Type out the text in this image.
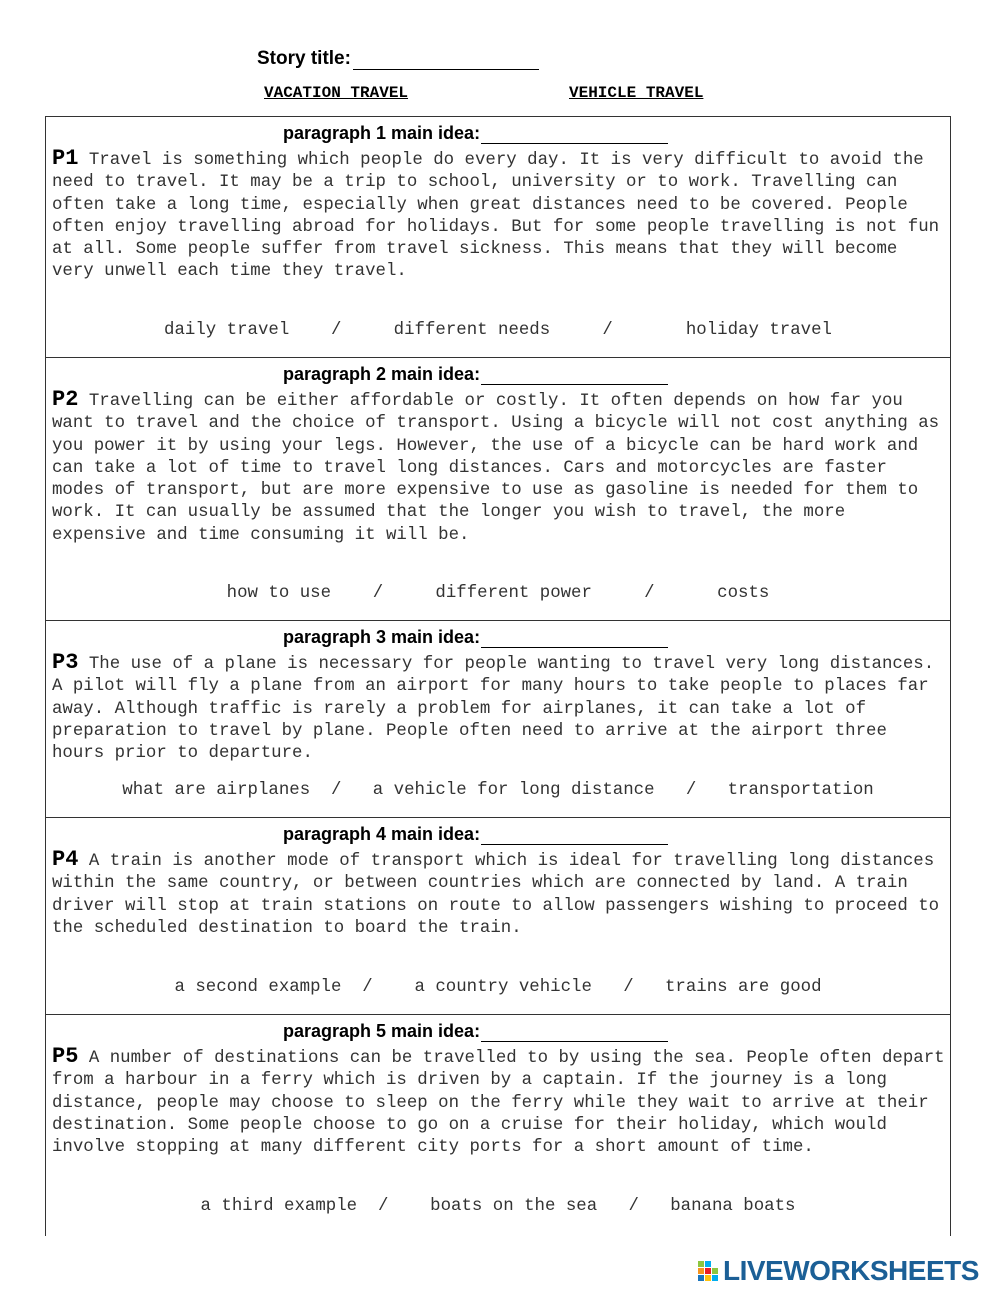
Story title:
VACATION TRAVEL	VEHICLE TRAVEL
paragraph 1 main idea:

P1 Travel is something which people do every day. It is very difficult to avoid the need to travel. It may be a trip to school, university or to work. Travelling can often take a long time, especially when great distances need to be covered. People often enjoy travelling abroad for holidays. But for some people travelling is not fun at all. Some people suffer from travel sickness. This means that they will become very unwell each time they travel.

daily travel    /     different needs     /       holiday travel
paragraph 2 main idea:

P2 Travelling can be either affordable or costly. It often depends on how far you want to travel and the choice of transport. Using a bicycle will not cost anything as you power it by using your legs. However, the use of a bicycle can be hard work and can take a lot of time to travel long distances. Cars and motorcycles are faster modes of transport, but are more expensive to use as gasoline is needed for them to work. It can usually be assumed that the longer you wish to travel, the more expensive and time consuming it will be.

how to use    /     different power     /      costs
paragraph 3 main idea:

P3 The use of a plane is necessary for people wanting to travel very long distances. A pilot will fly a plane from an airport for many hours to take people to places far away. Although traffic is rarely a problem for airplanes, it can take a lot of preparation to travel by plane. People often need to arrive at the airport three hours prior to departure.

what are airplanes  /   a vehicle for long distance   /   transportation
paragraph 4 main idea:

P4 A train is another mode of transport which is ideal for travelling long distances within the same country, or between countries which are connected by land. A train driver will stop at train stations on route to allow passengers wishing to proceed to the scheduled destination to board the train.

a second example  /    a country vehicle   /   trains are good
paragraph 5 main idea:

P5 A number of destinations can be travelled to by using the sea. People often depart from a harbour in a ferry which is driven by a captain. If the journey is a long distance, people may choose to sleep on the ferry while they wait to arrive at their destination. Some people choose to go on a cruise for their holiday, which would involve stopping at many different city ports for a short amount of time.

a third example  /    boats on the sea   /   banana boats
LIVEWORKSHEETS
